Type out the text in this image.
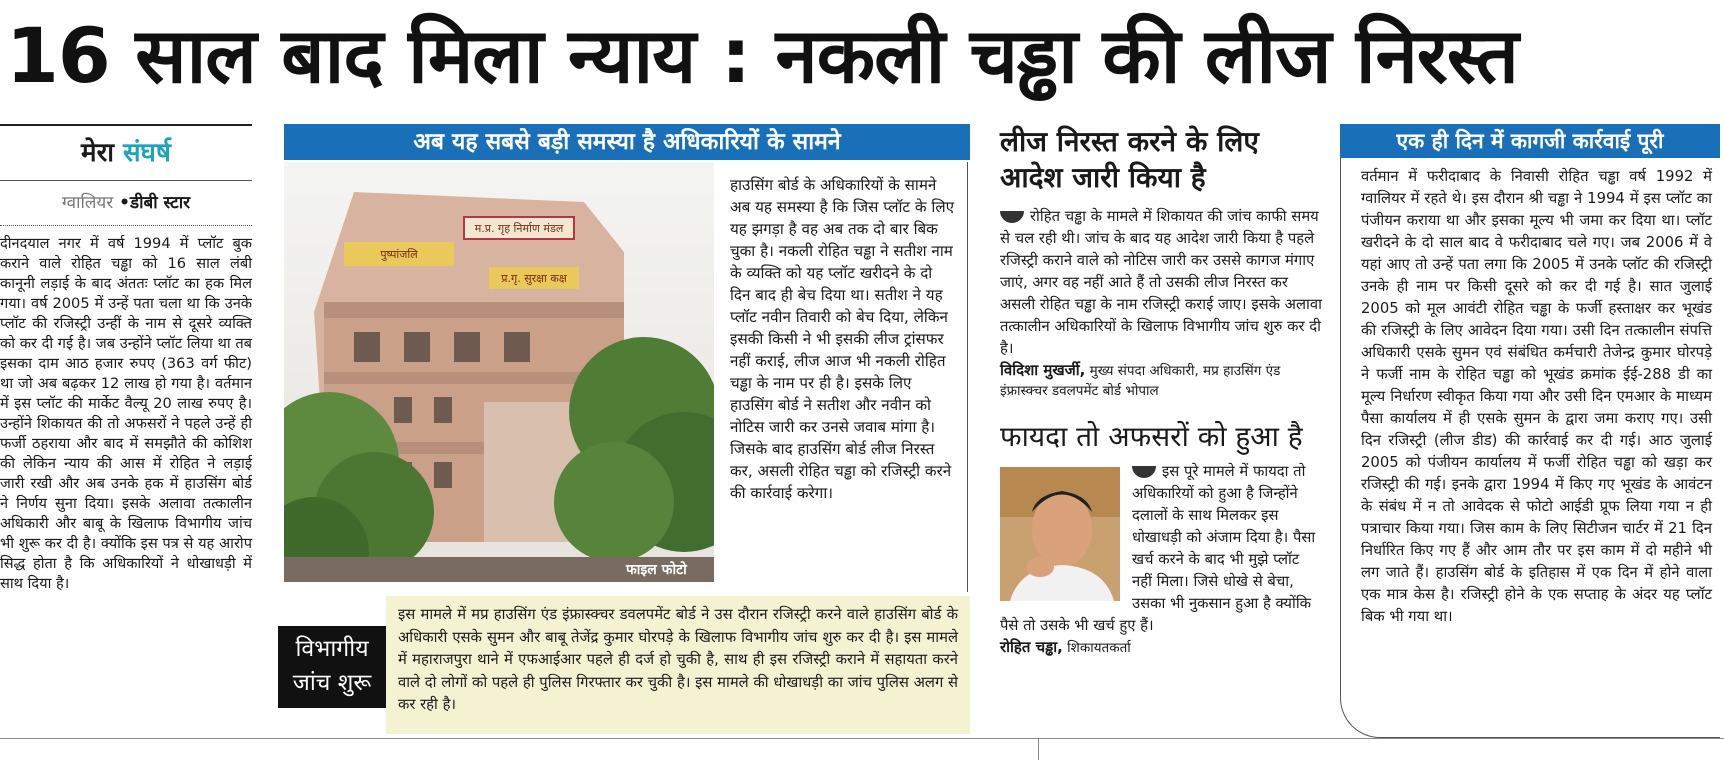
16 साल बाद मिला न्याय : नकली चड्ढा की लीज निरस्त
मेरा संघर्ष
ग्वालियर •डीबी स्टार
दीनदयाल नगर में वर्ष 1994 में प्लॉट बुक कराने वाले रोहित चड्ढा को 16 साल लंबी कानूनी लड़ाई के बाद अंततः प्लॉट का हक मिल गया। वर्ष 2005 में उन्हें पता चला था कि उनके प्लॉट की रजिस्ट्री उन्हीं के नाम से दूसरे व्यक्ति को कर दी गई है। जब उन्होंने प्लॉट लिया था तब इसका दाम आठ हजार रुपए (363 वर्ग फीट) था जो अब बढ़कर 12 लाख हो गया है। वर्तमान में इस प्लॉट की मार्केट वैल्यू 20 लाख रुपए है। उन्होंने शिकायत की तो अफसरों ने पहले उन्हें ही फर्जी ठहराया और बाद में समझौते की कोशिश की लेकिन न्याय की आस में रोहित ने लड़ाई जारी रखी और अब उनके हक में हाउसिंग बोर्ड ने निर्णय सुना दिया। इसके अलावा तत्कालीन अधिकारी और बाबू के खिलाफ विभागीय जांच भी शुरू कर दी है। क्योंकि इस पत्र से यह आरोप सिद्ध होता है कि अधिकारियों ने धोखाधड़ी में साथ दिया है।
अब यह सबसे बड़ी समस्या है अधिकारियों के सामने
म.प्र. गृह निर्माण मंडल
पुष्पांजलि
प्र.गृ. सुरक्षा कक्ष
फाइल फोटो
हाउसिंग बोर्ड के अधिकारियों के सामने अब यह समस्या है कि जिस प्लॉट के लिए यह झगड़ा है वह अब तक दो बार बिक चुका है। नकली रोहित चड्ढा ने सतीश नाम के व्यक्ति को यह प्लॉट खरीदने के दो दिन बाद ही बेच दिया था। सतीश ने यह प्लॉट नवीन तिवारी को बेच दिया, लेकिन इसकी किसी ने भी इसकी लीज ट्रांसफर नहीं कराई, लीज आज भी नकली रोहित चड्ढा के नाम पर ही है। इसके लिए हाउसिंग बोर्ड ने सतीश और नवीन को नोटिस जारी कर उनसे जवाब मांगा है। जिसके बाद हाउसिंग बोर्ड लीज निरस्त कर, असली रोहित चड्ढा को रजिस्ट्री करने की कार्रवाई करेगा।
विभागीय
जांच शुरू
इस मामले में मप्र हाउसिंग एंड इंफ्रास्क्चर डवलपमेंट बोर्ड ने उस दौरान रजिस्ट्री करने वाले हाउसिंग बोर्ड के अधिकारी एसके सुमन और बाबू तेजेंद्र कुमार घोरपड़े के खिलाफ विभागीय जांच शुरु कर दी है। इस मामले में महाराजपुरा थाने में एफआईआर पहले ही दर्ज हो चुकी है, साथ ही इस रजिस्ट्री कराने में सहायता करने वाले दो लोगों को पहले ही पुलिस गिरफ्तार कर चुकी है। इस मामले की धोखाधड़ी का जांच पुलिस अलग से कर रही है।
लीज निरस्त करने के लिए आदेश जारी किया है
रोहित चड्ढा के मामले में शिकायत की जांच काफी समय से चल रही थी। जांच के बाद यह आदेश जारी किया है पहले रजिस्ट्री कराने वाले को नोटिस जारी कर उससे कागज मंगाए जाएं, अगर वह नहीं आते हैं तो उसकी लीज निरस्त कर असली रोहित चड्ढा के नाम रजिस्ट्री कराई जाए। इसके अलावा तत्कालीन अधिकारियों के खिलाफ विभागीय जांच शुरु कर दी है।
विदिशा मुखर्जी, मुख्य संपदा अधिकारी, मप्र हाउसिंग एंड इंफ्रास्क्चर डवलपमेंट बोर्ड भोपाल
फायदा तो अफसरों को हुआ है
इस पूरे मामले में फायदा तो अधिकारियों को हुआ है जिन्होंने दलालों के साथ मिलकर इस धोखाधड़ी को अंजाम दिया है। पैसा खर्च करने के बाद भी मुझे प्लॉट नहीं मिला। जिसे धोखे से बेचा, उसका भी नुकसान हुआ है क्योंकि पैसे तो उसके भी खर्च हुए हैं।
रोहित चड्ढा, शिकायतकर्ता
एक ही दिन में कागजी कार्रवाई पूरी
वर्तमान में फरीदाबाद के निवासी रोहित चड्ढा वर्ष 1992 में ग्वालियर में रहते थे। इस दौरान श्री चड्ढा ने 1994 में इस प्लॉट का पंजीयन कराया था और इसका मूल्य भी जमा कर दिया था। प्लॉट खरीदने के दो साल बाद वे फरीदाबाद चले गए। जब 2006 में वे यहां आए तो उन्हें पता लगा कि 2005 में उनके प्लॉट की रजिस्ट्री उनके ही नाम पर किसी दूसरे को कर दी गई है। सात जुलाई 2005 को मूल आवंटी रोहित चड्ढा के फर्जी हस्ताक्षर कर भूखंड की रजिस्ट्री के लिए आवेदन दिया गया। उसी दिन तत्कालीन संपत्ति अधिकारी एसके सुमन एवं संबंधित कर्मचारी तेजेन्द्र कुमार घोरपड़े ने फर्जी नाम के रोहित चड्ढा को भूखंड क्रमांक ईई-288 डी का मूल्य निर्धारण स्वीकृत किया गया और उसी दिन एमआर के माध्यम पैसा कार्यालय में ही एसके सुमन के द्वारा जमा कराए गए। उसी दिन रजिस्ट्री (लीज डीड) की कार्रवाई कर दी गई। आठ जुलाई 2005 को पंजीयन कार्यालय में फर्जी रोहित चड्ढा को खड़ा कर रजिस्ट्री की गई। इनके द्वारा 1994 में किए गए भूखंड के आवंटन के संबंध में न तो आवेदक से फोटो आईडी प्रूफ लिया गया न ही पत्राचार किया गया। जिस काम के लिए सिटीजन चार्टर में 21 दिन निर्धारित किए गए हैं और आम तौर पर इस काम में दो महीने भी लग जाते हैं। हाउसिंग बोर्ड के इतिहास में एक दिन में होने वाला एक मात्र केस है। रजिस्ट्री होने के एक सप्ताह के अंदर यह प्लॉट बिक भी गया था।
